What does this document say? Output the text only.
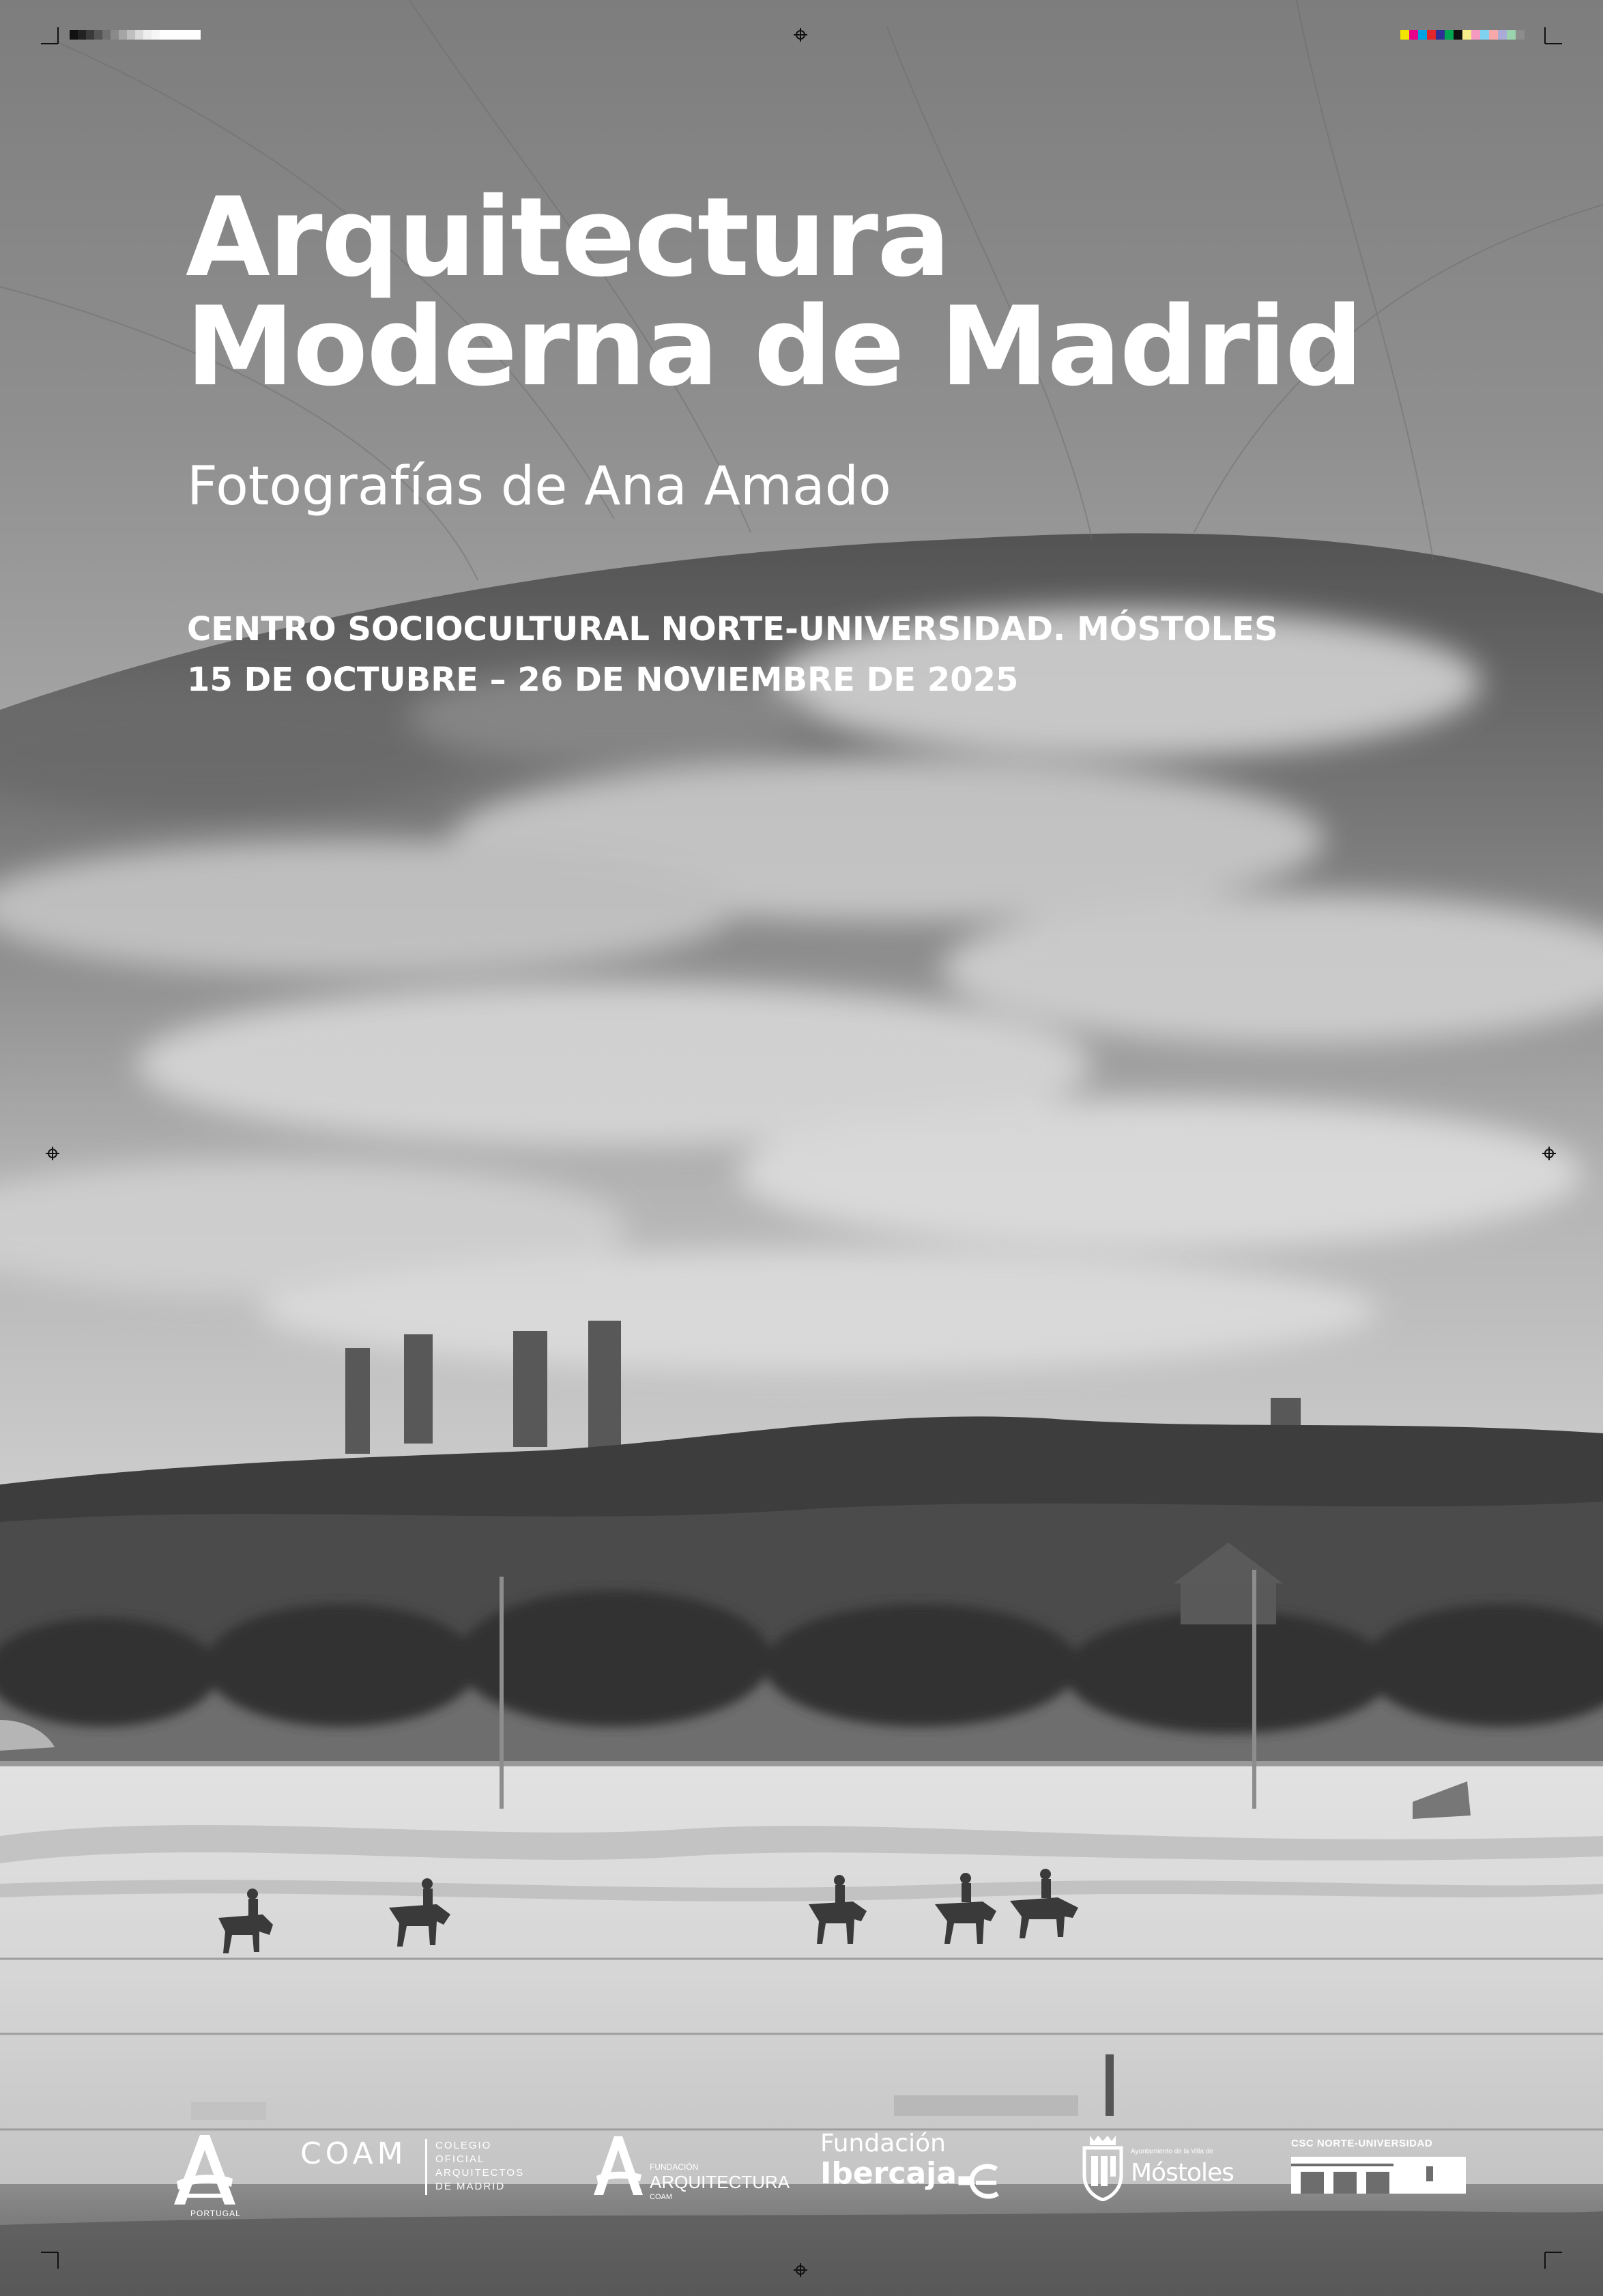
Arquitectura
Moderna de Madrid
Fotografías de Ana Amado
CENTRO SOCIOCULTURAL NORTE-UNIVERSIDAD. MÓSTOLES
15 DE OCTUBRE – 26 DE NOVIEMBRE DE 2025
PORTUGAL
COAM	COLEGIO
OFICIAL
ARQUITECTOS
DE MADRID
FUNDACIÓN
ARQUITECTURA
COAM
Fundación
Ibercaja
Ayuntamiento de la Villa de
Móstoles
CSC NORTE-UNIVERSIDAD
